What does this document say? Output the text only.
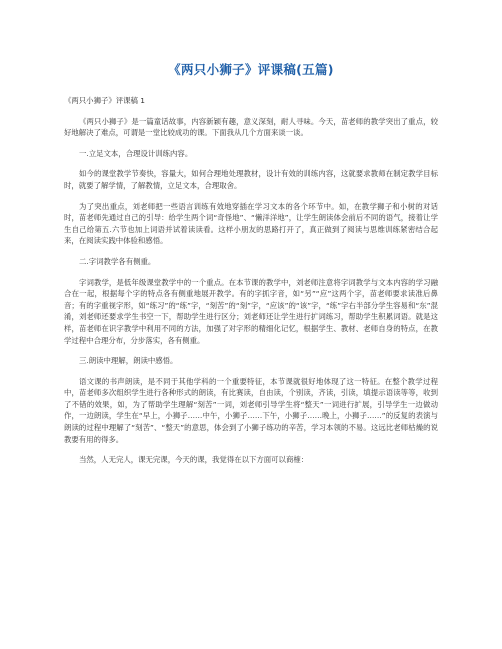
《两只小狮子》评课稿(五篇)

《两只小狮子》评课稿 1

《两只小狮子》是一篇童话故事，内容新颖有趣，意义深刻，耐人寻味。今天，苗老师的教学突出了重点，较好地解决了难点，可谓是一堂比较成功的课。下面我从几个方面来谈一谈。

一.立足文本，合理设计训练内容。

如今的课堂教学节奏快，容量大，如何合理地处理教材，设计有效的训练内容，这就要求教师在制定教学目标时，就要了解学情，了解教情，立足文本，合理取舍。

为了突出重点，刘老师把一些语言训练有效地穿插在学习文本的各个环节中。如，在教学狮子和小树的对话时，苗老师先通过自己的引导：给学生两个词“奇怪地”、“懒洋洋地”，让学生朗读体会前后不同的语气，接着让学生自己给第五.六节也加上词语并试着读读看。这样小朋友的思路打开了，真正做到了阅读与思维训练紧密结合起来，在阅读实践中体验和感悟。

二.字词教学各有侧重。

字词教学，是低年级课堂教学中的一个重点。在本节课的教学中，刘老师注意将字词教学与文本内容的学习融合在一起，根据每个字的特点各有侧重地展开教学。有的字抓字音，如“另”“应”这两个字，苗老师要求读准后鼻音；有的字重视字形，如“练习”的“练”字，“刻苦”的“刻”字，“应该”的“该”字，“练”字右半部分学生容易和“东”混淆，刘老师还要求学生书空一下，帮助学生进行区分；刘老师还让学生进行扩词练习，帮助学生积累词语。就是这样，苗老师在识字教学中利用不同的方法，加强了对字形的精细化记忆，根据学生、教材、老师自身的特点，在教学过程中合理分布，分步落实，各有侧重。

三.朗读中理解，朗读中感悟。

语文课的书声朗读，是不同于其他学科的一个重要特征，本节课就很好地体现了这一特征。在整个教学过程中，苗老师多次组织学生进行各种形式的朗读，有比赛读，自由读，个别读，齐读，引读，填提示语读等等，收到了不错的效果，如，为了帮助学生理解“刻苦”一词，刘老师引导学生将“整天”一词进行扩展，引导学生一边做动作，一边朗读，学生在“早上，小狮子……中午，小狮子……下午，小狮子……晚上，小狮子……”的反复的表演与朗读的过程中理解了“刻苦”、“整天”的意思，体会到了小狮子练功的辛苦，学习本领的不易。这远比老师枯燥的说教要有用的得多。

当然，人无完人，课无完课，今天的课，我觉得在以下方面可以商榷：
